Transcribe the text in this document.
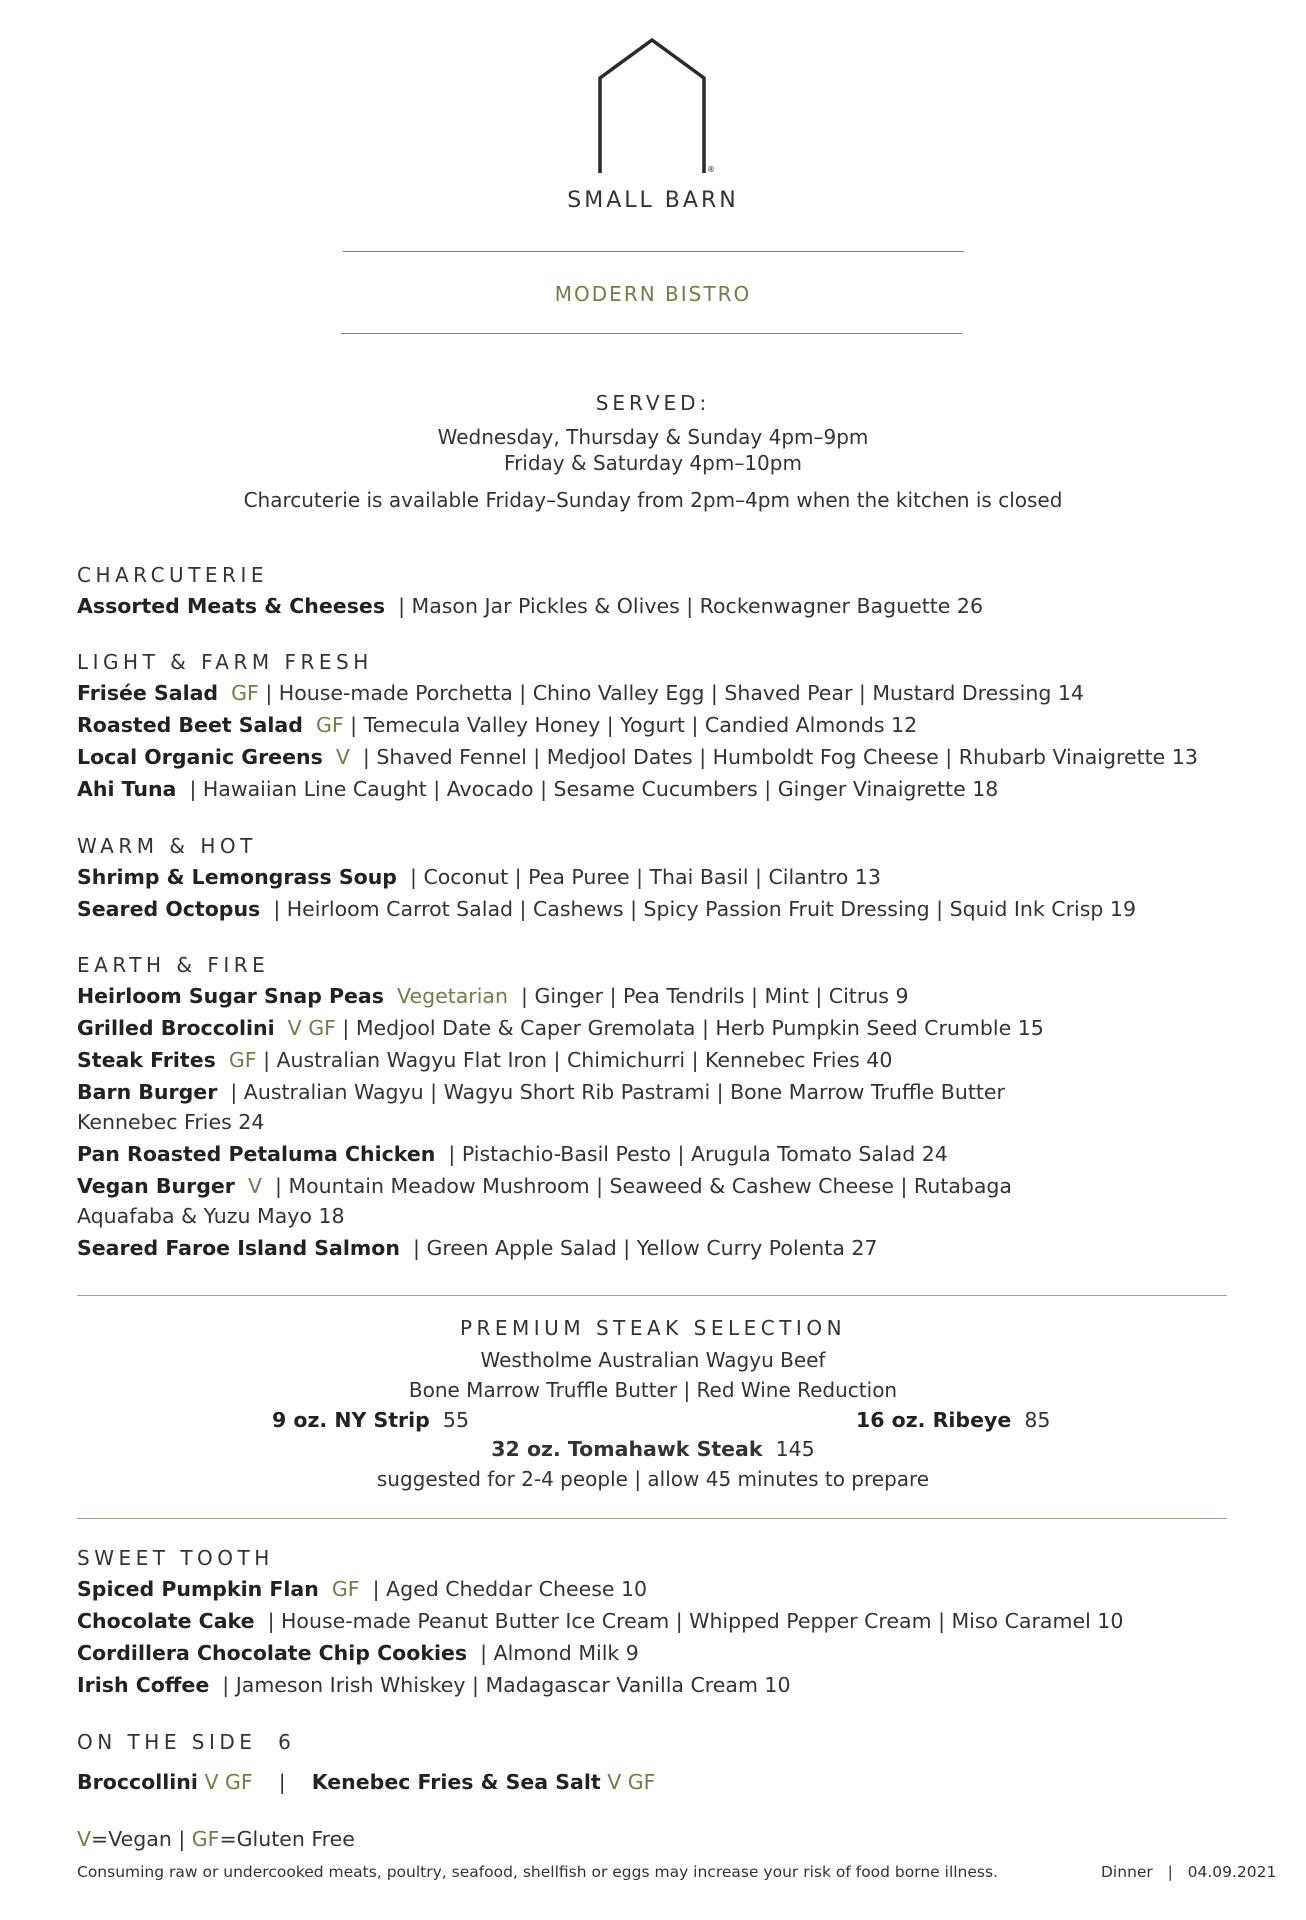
®
SMALL BARN
MODERN BISTRO
SERVED:
Wednesday, Thursday & Sunday 4pm–9pm
Friday & Saturday 4pm–10pm
Charcuterie is available Friday–Sunday from 2pm–4pm when the kitchen is closed
CHARCUTERIE
Assorted Meats & Cheeses  | Mason Jar Pickles & Olives | Rockenwagner Baguette 26
LIGHT & FARM FRESH
Frisée Salad GF | House-made Porchetta | Chino Valley Egg | Shaved Pear | Mustard Dressing 14
Roasted Beet Salad GF | Temecula Valley Honey | Yogurt | Candied Almonds 12
Local Organic Greens V  | Shaved Fennel | Medjool Dates | Humboldt Fog Cheese | Rhubarb Vinaigrette 13
Ahi Tuna  | Hawaiian Line Caught | Avocado | Sesame Cucumbers | Ginger Vinaigrette 18
WARM & HOT
Shrimp & Lemongrass Soup  | Coconut | Pea Puree | Thai Basil | Cilantro 13
Seared Octopus  | Heirloom Carrot Salad | Cashews | Spicy Passion Fruit Dressing | Squid Ink Crisp 19
EARTH & FIRE
Heirloom Sugar Snap Peas Vegetarian  | Ginger | Pea Tendrils | Mint | Citrus 9
Grilled Broccolini V GF | Medjool Date & Caper Gremolata | Herb Pumpkin Seed Crumble 15
Steak Frites GF | Australian Wagyu Flat Iron | Chimichurri | Kennebec Fries 40
Barn Burger  | Australian Wagyu | Wagyu Short Rib Pastrami | Bone Marrow Truffle Butter
Kennebec Fries 24
Pan Roasted Petaluma Chicken  | Pistachio-Basil Pesto | Arugula Tomato Salad 24
Vegan Burger V  | Mountain Meadow Mushroom | Seaweed & Cashew Cheese | Rutabaga
Aquafaba & Yuzu Mayo 18
Seared Faroe Island Salmon  | Green Apple Salad | Yellow Curry Polenta 27
PREMIUM STEAK SELECTION
Westholme Australian Wagyu Beef
Bone Marrow Truffle Butter | Red Wine Reduction
9 oz. NY Strip 55	16 oz. Ribeye 85
32 oz. Tomahawk Steak 145
suggested for 2-4 people | allow 45 minutes to prepare
SWEET TOOTH
Spiced Pumpkin Flan GF  | Aged Cheddar Cheese 10
Chocolate Cake  | House-made Peanut Butter Ice Cream | Whipped Pepper Cream | Miso Caramel 10
Cordillera Chocolate Chip Cookies  | Almond Milk 9
Irish Coffee  | Jameson Irish Whiskey | Madagascar Vanilla Cream 10
ON THE SIDE 6
Broccollini V GF | Kenebec Fries & Sea Salt V GF
V=Vegan | GF=Gluten Free
Consuming raw or undercooked meats, poultry, seafood, shellfish or eggs may increase your risk of food borne illness.	Dinner | 04.09.2021
